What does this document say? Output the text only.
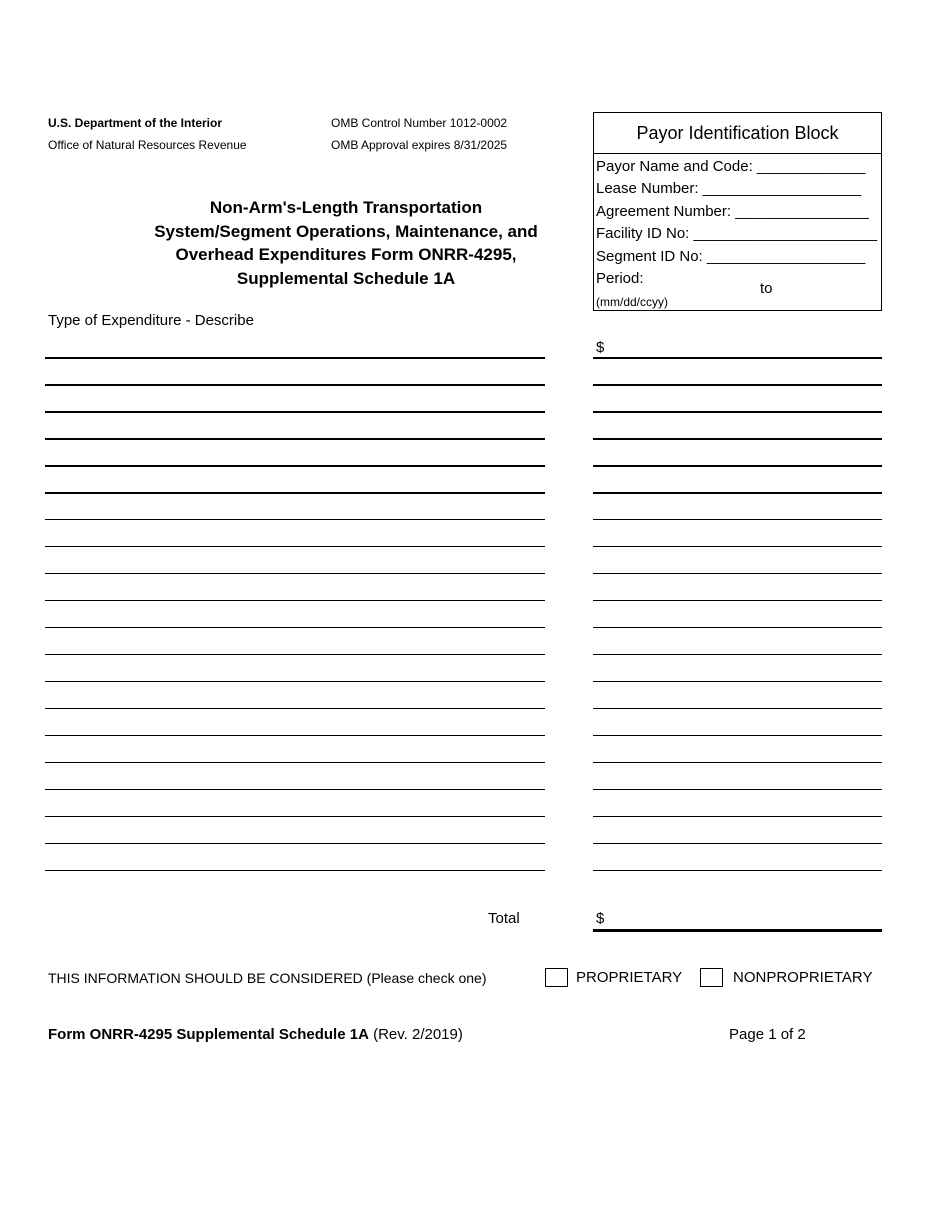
U.S. Department of the Interior
Office of Natural Resources Revenue
OMB Control Number 1012-0002
OMB Approval expires 8/31/2025
Non-Arm's-Length Transportation
System/Segment Operations, Maintenance, and
Overhead Expenditures Form ONRR-4295,
Supplemental Schedule 1A
Payor Identification Block
Payor Name and Code: _____________
Lease Number: ___________________
Agreement Number: ________________
Facility ID No: ______________________
Segment ID No: ___________________
Period:
to
(mm/dd/ccyy)
Type of Expenditure - Describe
$
Total	$
THIS INFORMATION SHOULD BE CONSIDERED (Please check one)	PROPRIETARY	NONPROPRIETARY
Form ONRR-4295 Supplemental Schedule 1A (Rev. 2/2019)	Page 1 of 2
